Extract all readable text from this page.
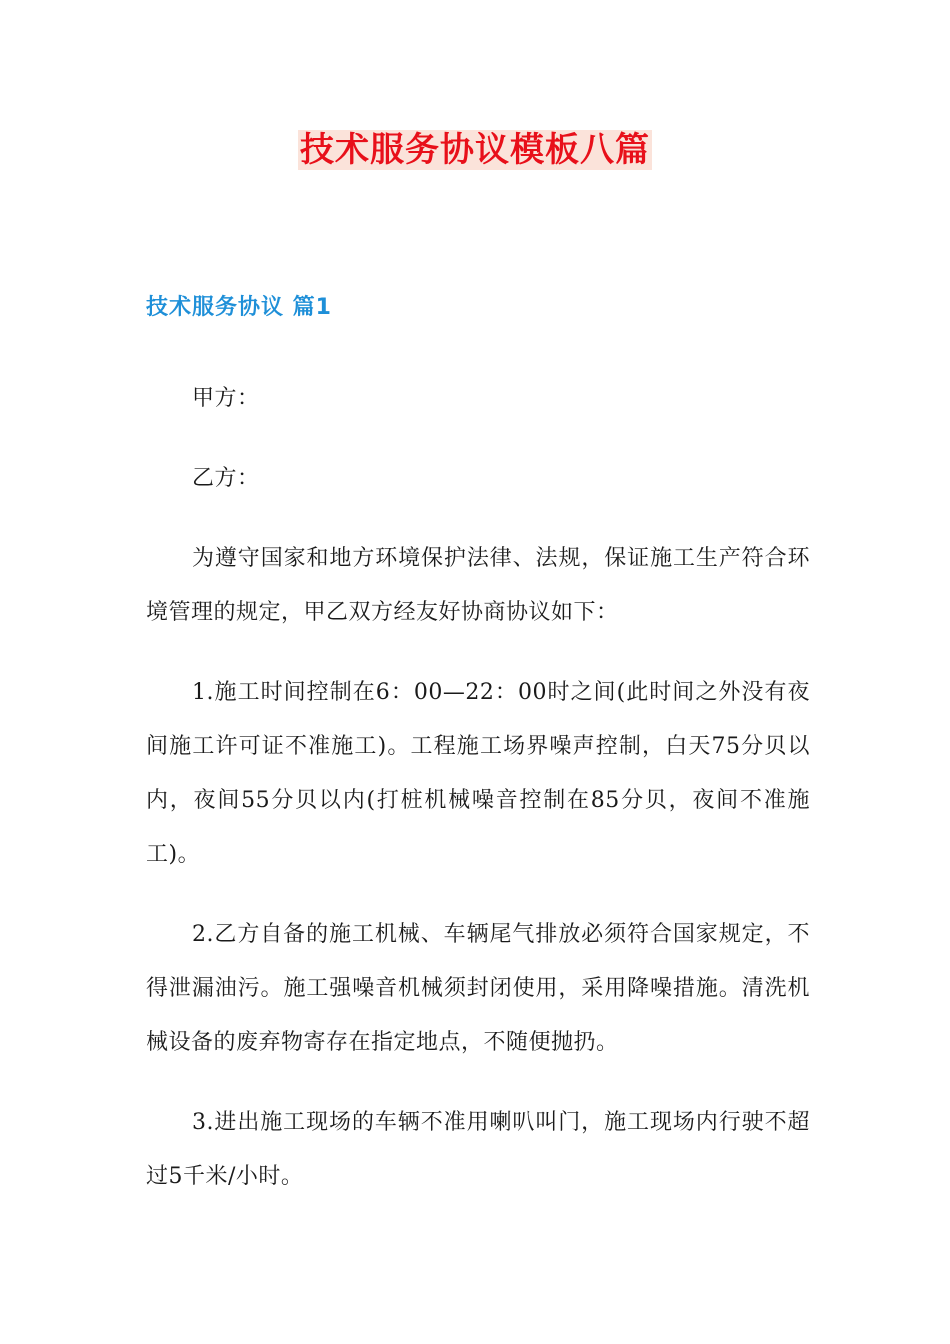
技术服务协议模板八篇
技术服务协议 篇1

甲方：

乙方：

为遵守国家和地方环境保护法律、法规，保证施工生产符合环境管理的规定，甲乙双方经友好协商协议如下：

1.施工时间控制在6：00—22：00时之间(此时间之外没有夜间施工许可证不准施工)。工程施工场界噪声控制，白天75分贝以内，夜间55分贝以内(打桩机械噪音控制在85分贝，夜间不准施工)。

2.乙方自备的施工机械、车辆尾气排放必须符合国家规定，不得泄漏油污。施工强噪音机械须封闭使用，采用降噪措施。清洗机械设备的废弃物寄存在指定地点，不随便抛扔。

3.进出施工现场的车辆不准用喇叭叫门，施工现场内行驶不超过5千米/小时。
